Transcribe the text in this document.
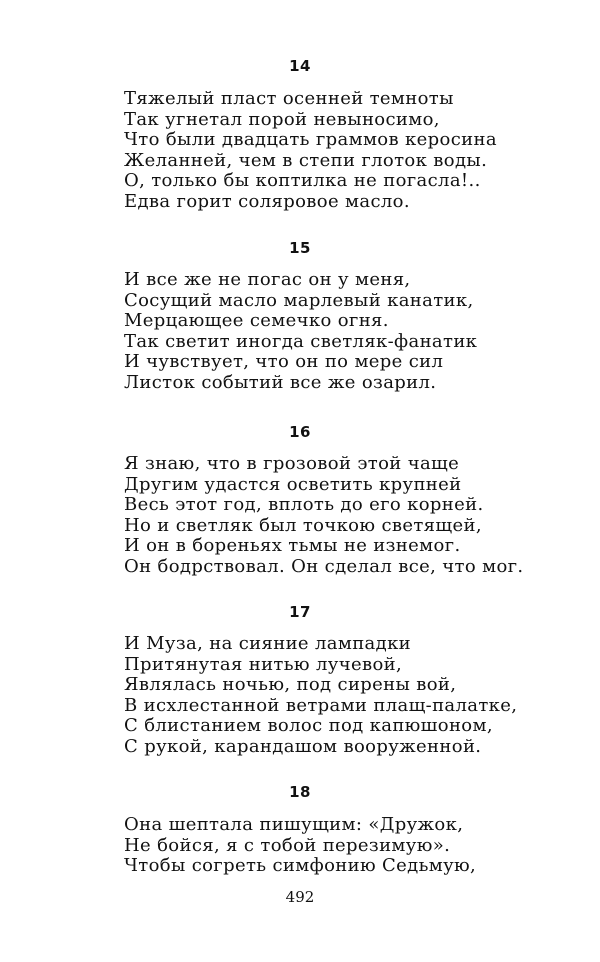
14
Тяжелый пласт осенней темноты
Так угнетал порой невыносимо,
Что были двадцать граммов керосина
Желанней, чем в степи глоток воды.
О, только бы коптилка не погасла!..
Едва горит соляровое масло.
15
И все же не погас он у меня,
Сосущий масло марлевый канатик,
Мерцающее семечко огня.
Так светит иногда светляк-фанатик
И чувствует, что он по мере сил
Листок событий все же озарил.
16
Я знаю, что в грозовой этой чаще
Другим удастся осветить крупней
Весь этот год, вплоть до его корней.
Но и светляк был точкою светящей,
И он в бореньях тьмы не изнемог.
Он бодрствовал. Он сделал все, что мог.
17
И Муза, на сияние лампадки
Притянутая нитью лучевой,
Являлась ночью, под сирены вой,
В исхлестанной ветрами плащ-палатке,
С блистанием волос под капюшоном,
С рукой, карандашом вооруженной.
18
Она шептала пишущим: «Дружок,
Не бойся, я с тобой перезимую».
Чтобы согреть симфонию Седьмую,
492
